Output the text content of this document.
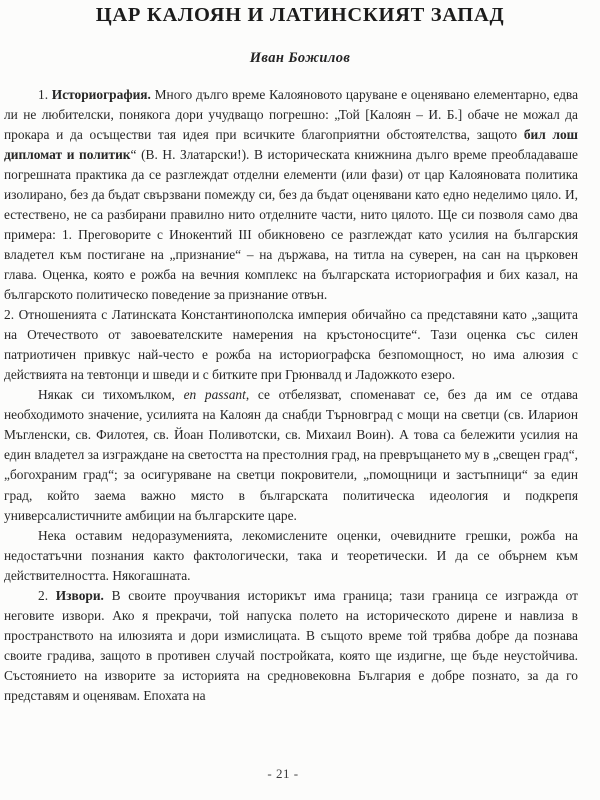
ЦАР КАЛОЯН И ЛАТИНСКИЯТ ЗАПАД
Иван Божилов

1. Историография. Много дълго време Калояновото царуване е оценявано елементарно, едва ли не любителски, понякога дори учудващо погрешно: „Той [Калоян – И. Б.] обаче не можал да прокара и да осъществи тая идея при всичките благоприятни обстоятелства, защото бил лош дипломат и политик“ (В. Н. Златарски!). В историческата книжнина дълго време преобладаваше погрешната практика да се разглеждат отделни елементи (или фази) от цар Калояновата политика изолирано, без да бъдат свързвани помежду си, без да бъдат оценявани като едно неделимо цяло. И, естествено, не са разбирани правилно нито отделните части, нито цялото. Ще си позволя само два примера: 1. Преговорите с Инокентий III обикновено се разглеждат като усилия на българския владетел към постигане на „признание“ – на държава, на титла на суверен, на сан на църковен глава. Оценка, която е рожба на вечния комплекс на българската историография и бих казал, на българското политическо поведение за признание отвън.

2. Отношенията с Латинската Константинополска империя обичайно са представяни като „защита на Отечеството от завоевателските намерения на кръстоносците“. Тази оценка със силен патриотичен привкус най-често е рожба на историографска безпомощност, но има алюзия с действията на тевтонци и шведи и с битките при Грюнвалд и Ладожкото езеро.

Някак си тихомълком, en passant, се отбелязват, споменават се, без да им се отдава необходимото значение, усилията на Калоян да снабди Търновград с мощи на светци (св. Иларион Мъгленски, св. Филотея, св. Йоан Поливотски, св. Михаил Воин). А това са бележити усилия на един владетел за изграждане на светостта на престолния град, на превръщането му в „свещен град“, „богохраним град“; за осигуряване на светци покровители, „помощници и застъпници“ за един град, който заема важно място в българската политическа идеология и подкрепя универсалистичните амбиции на българските царе.

Нека оставим недоразуменията, лекомислените оценки, очевидните грешки, рожба на недостатъчни познания както фактологически, така и теоретически. И да се обърнем към действителността. Някогашната.

2. Извори. В своите проучвания историкът има граница; тази граница се изгражда от неговите извори. Ако я прекрачи, той напуска полето на историческото дирене и навлиза в пространството на илюзията и дори измислицата. В същото време той трябва добре да познава своите градива, защото в противен случай постройката, която ще издигне, ще бъде неустойчива. Състоянието на изворите за историята на средновековна България е добре познато, за да го представям и оценявам. Епохата на

- 21 -
